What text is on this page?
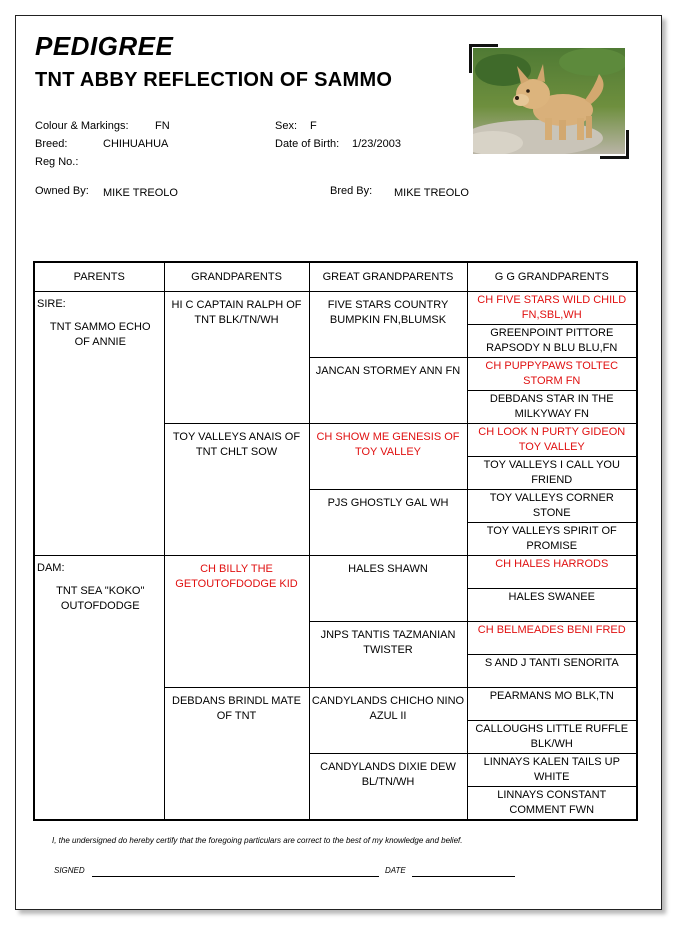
PEDIGREE
TNT ABBY REFLECTION OF SAMMO
Colour & Markings: FN	Sex: F
Breed:	CHIHUAHUA	Date of Birth: 1/23/2003
Reg No.:
Owned By: MIKE TREOLO	Bred By: MIKE TREOLO
PARENTS	GRANDPARENTS	GREAT GRANDPARENTS	G G GRANDPARENTS

SIRE:
TNT SAMMO ECHO OF ANNIE	HI C CAPTAIN RALPH OF TNT BLK/TN/WH	FIVE STARS COUNTRY BUMPKIN FN,BLUMSK	CH FIVE STARS WILD CHILD FN,SBL,WH
			GREENPOINT PITTORE RAPSODY N BLU BLU,FN
		JANCAN STORMEY ANN FN	CH PUPPYPAWS TOLTEC STORM FN
			DEBDANS STAR IN THE MILKYWAY FN
	TOY VALLEYS ANAIS OF TNT CHLT SOW	CH SHOW ME GENESIS OF TOY VALLEY	CH LOOK N PURTY GIDEON TOY VALLEY
			TOY VALLEYS I CALL YOU FRIEND
		PJS GHOSTLY GAL WH	TOY VALLEYS CORNER STONE
			TOY VALLEYS SPIRIT OF PROMISE

DAM:
TNT SEA "KOKO" OUTOFDODGE	CH BILLY THE GETOUTOFDODGE KID	HALES SHAWN	CH HALES HARRODS
			HALES SWANEE
		JNPS TANTIS TAZMANIAN TWISTER	CH BELMEADES BENI FRED
			S AND J TANTI SENORITA
	DEBDANS BRINDL MATE OF TNT	CANDYLANDS CHICHO NINO AZUL II	PEARMANS MO BLK,TN
			CALLOUGHS LITTLE RUFFLE BLK/WH
		CANDYLANDS DIXIE DEW BL/TN/WH	LINNAYS KALEN TAILS UP WHITE
			LINNAYS CONSTANT COMMENT FWN
I, the undersigned do hereby certify that the foregoing particulars are correct to the best of my knowledge and belief.
SIGNED	DATE
